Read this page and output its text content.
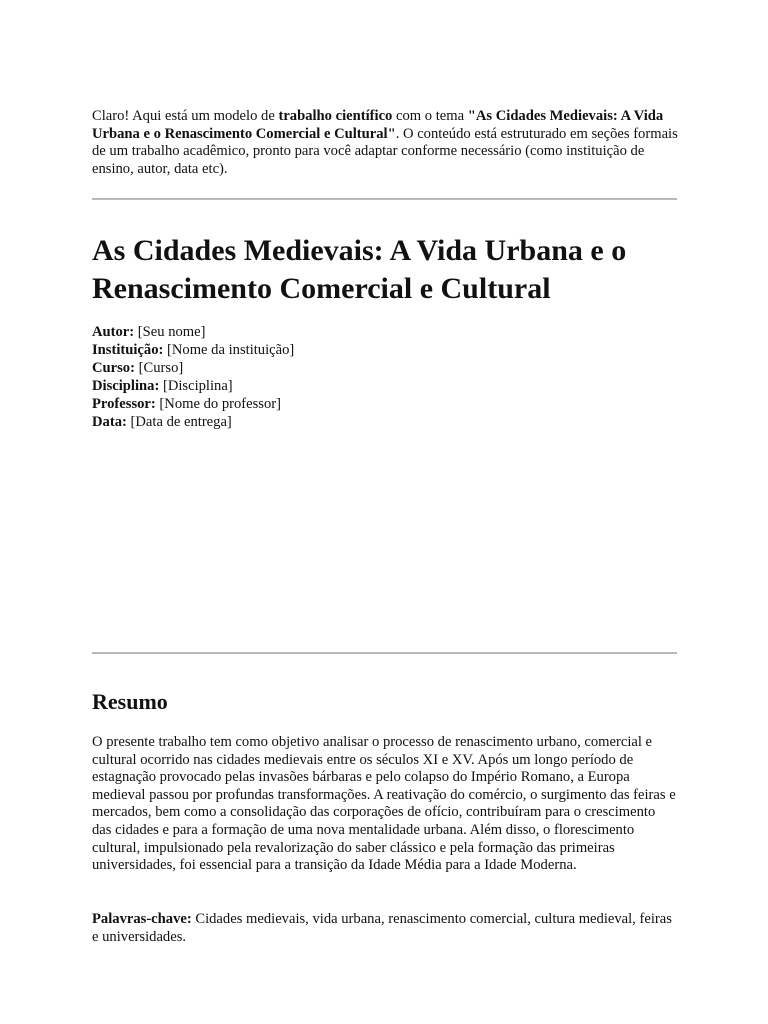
Claro! Aqui está um modelo de trabalho científico com o tema "As Cidades Medievais: A Vida Urbana e o Renascimento Comercial e Cultural". O conteúdo está estruturado em seções formais de um trabalho acadêmico, pronto para você adaptar conforme necessário (como instituição de ensino, autor, data etc).

As Cidades Medievais: A Vida Urbana e o Renascimento Comercial e Cultural
Autor: [Seu nome]
Instituição: [Nome da instituição]
Curso: [Curso]
Disciplina: [Disciplina]
Professor: [Nome do professor]
Data: [Data de entrega]
Resumo

O presente trabalho tem como objetivo analisar o processo de renascimento urbano, comercial e cultural ocorrido nas cidades medievais entre os séculos XI e XV. Após um longo período de estagnação provocado pelas invasões bárbaras e pelo colapso do Império Romano, a Europa medieval passou por profundas transformações. A reativação do comércio, o surgimento das feiras e mercados, bem como a consolidação das corporações de ofício, contribuíram para o crescimento das cidades e para a formação de uma nova mentalidade urbana. Além disso, o florescimento cultural, impulsionado pela revalorização do saber clássico e pela formação das primeiras universidades, foi essencial para a transição da Idade Média para a Idade Moderna.

Palavras-chave: Cidades medievais, vida urbana, renascimento comercial, cultura medieval, feiras e universidades.
